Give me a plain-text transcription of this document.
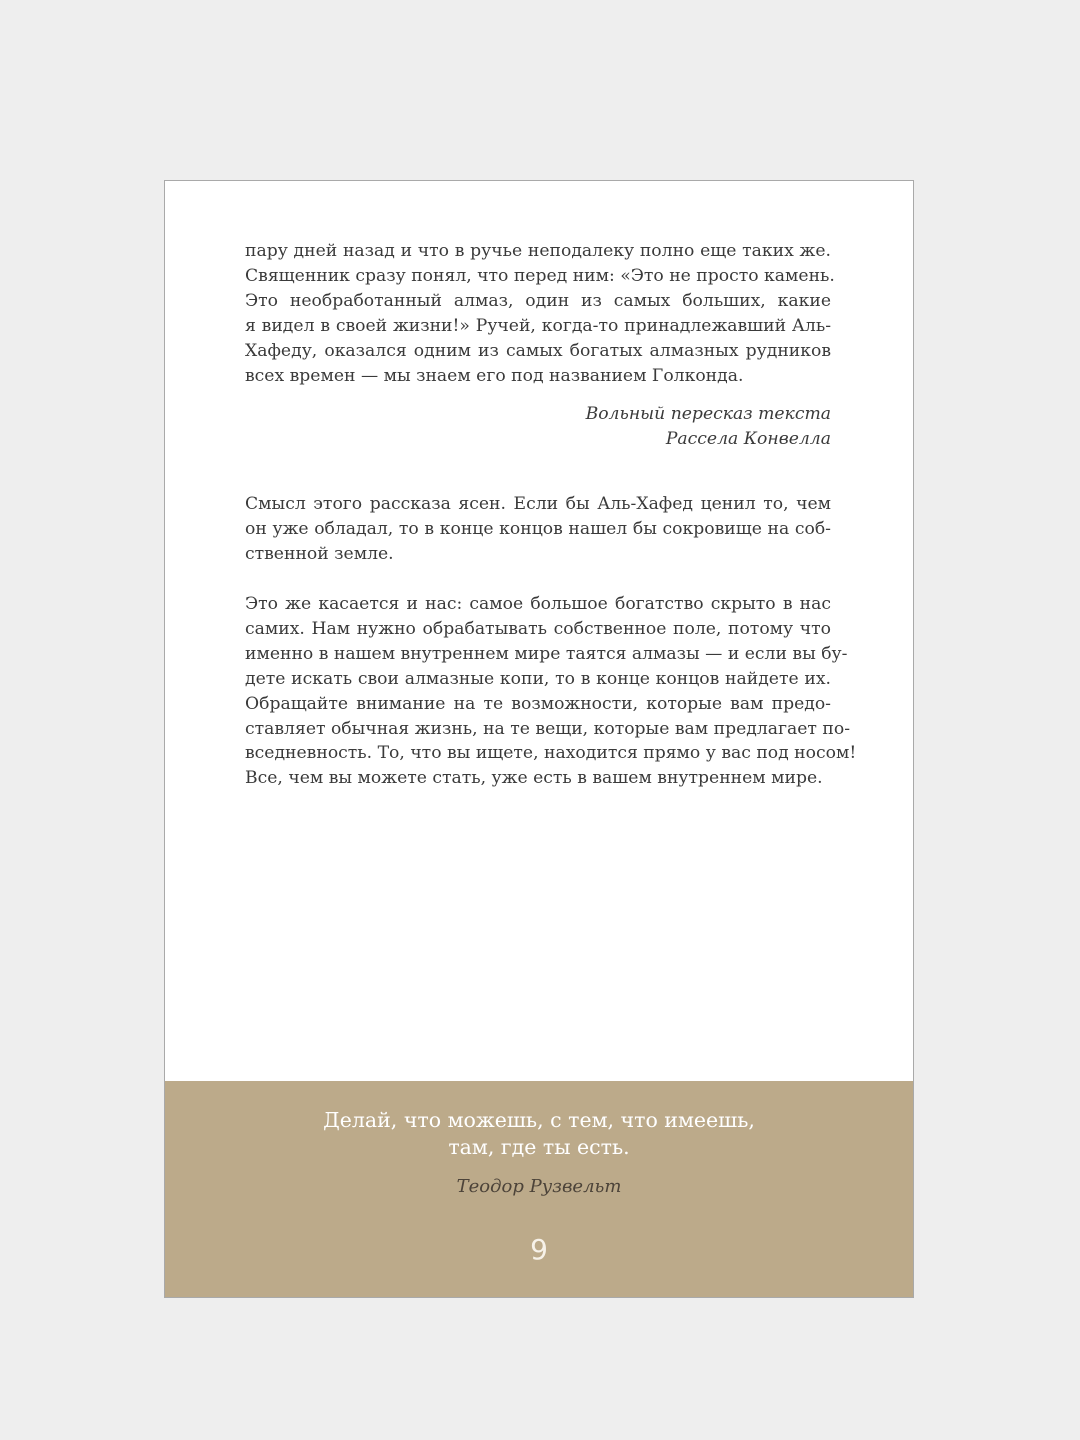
пару дней назад и что в ручье неподалеку полно еще таких же.
Священник сразу понял, что перед ним: «Это не просто камень.
Это необработанный алмаз, один из самых больших, какие
я видел в своей жизни!» Ручей, когда-то принадлежавший Аль-
Хафеду, оказался одним из самых богатых алмазных рудников
всех времен — мы знаем его под названием Голконда.
Вольный пересказ текста
Рассела Конвелла
Смысл этого рассказа ясен. Если бы Аль-Хафед ценил то, чем
он уже обладал, то в конце концов нашел бы сокровище на соб-
ственной земле.
Это же касается и нас: самое большое богатство скрыто в нас
самих. Нам нужно обрабатывать собственное поле, потому что
именно в нашем внутреннем мире таятся алмазы — и если вы бу-
дете искать свои алмазные копи, то в конце концов найдете их.
Обращайте внимание на те возможности, которые вам предо-
ставляет обычная жизнь, на те вещи, которые вам предлагает по-
вседневность. То, что вы ищете, находится прямо у вас под носом!
Все, чем вы можете стать, уже есть в вашем внутреннем мире.
Делай, что можешь, с тем, что имеешь,
там, где ты есть.
Теодор Рузвельт
9
